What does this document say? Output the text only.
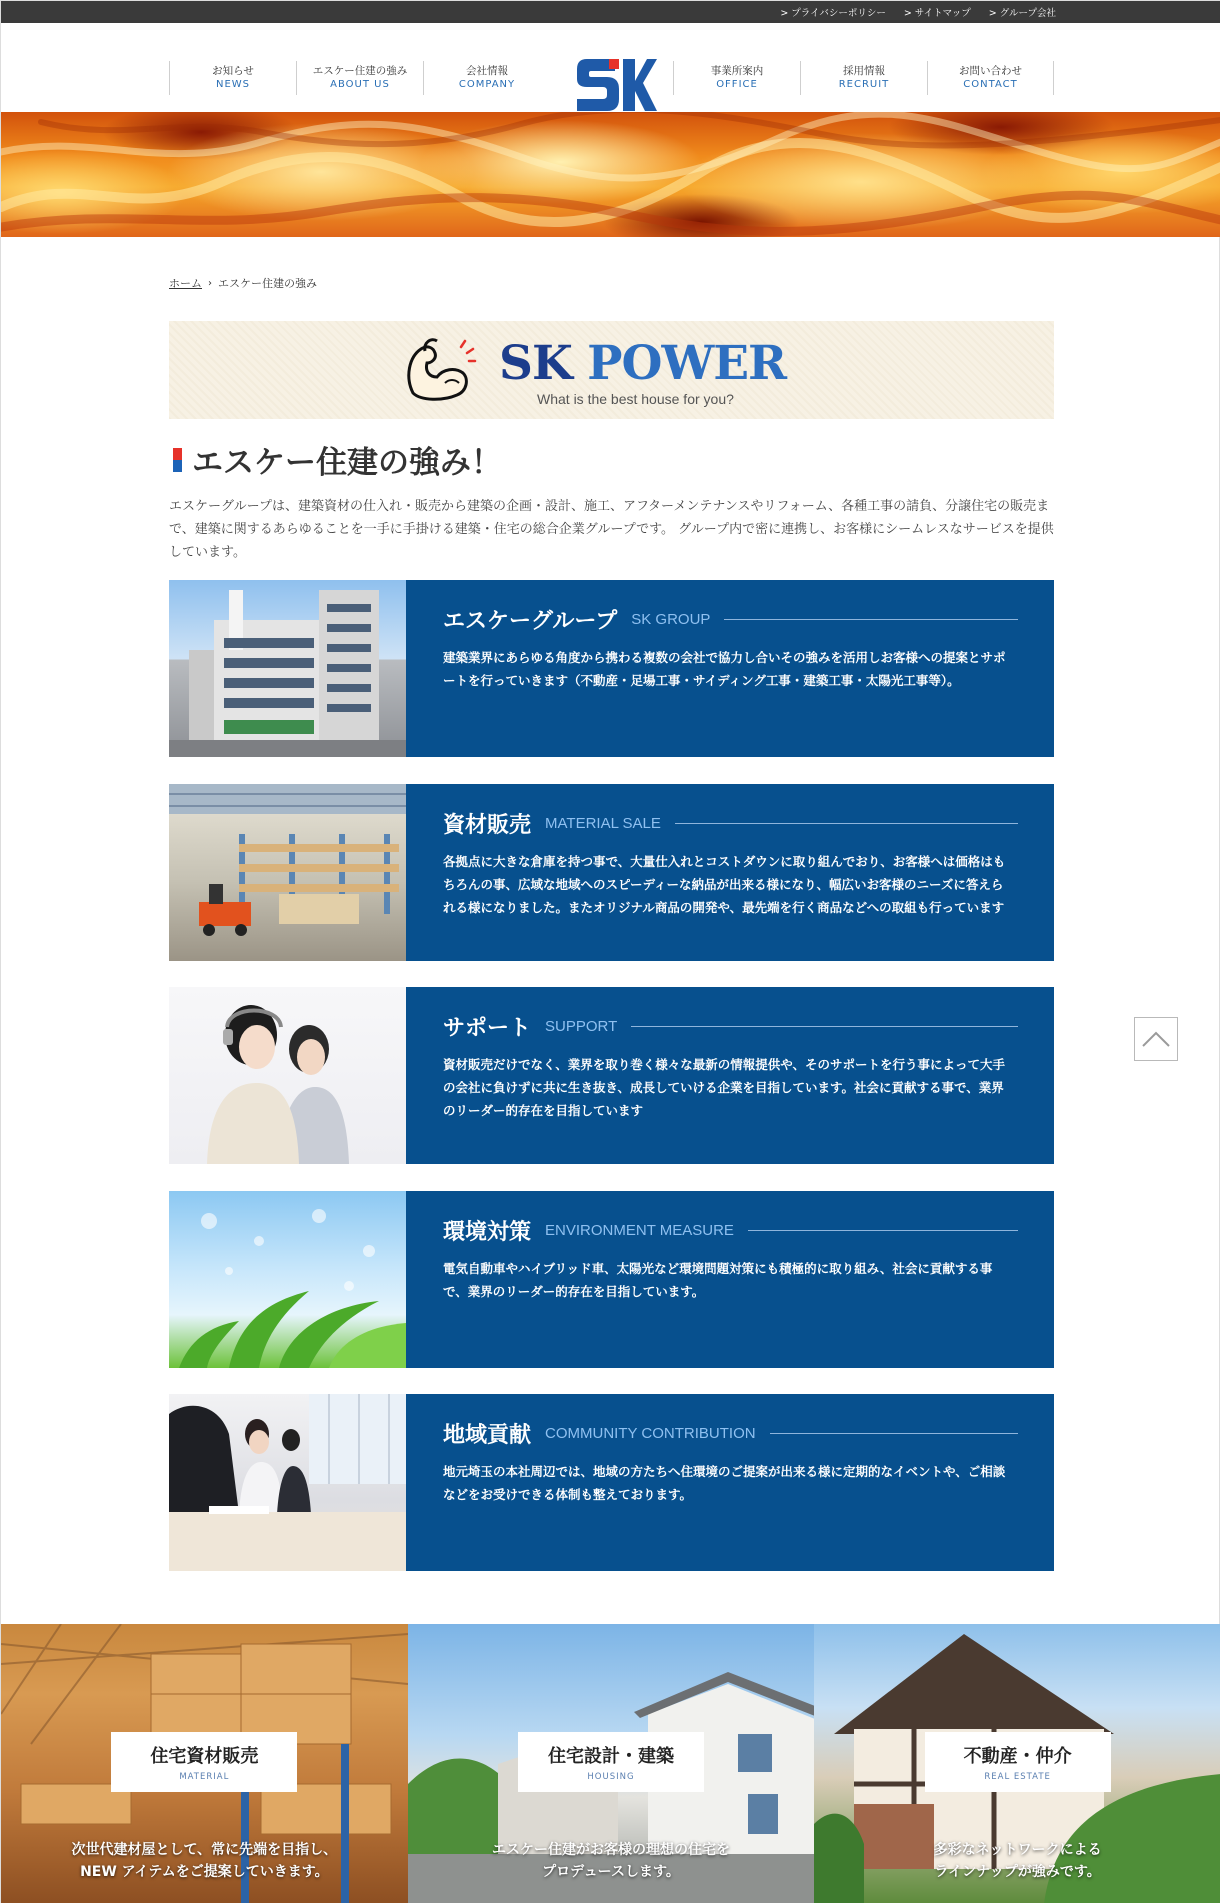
> プライバシーポリシー > サイトマップ > グループ会社
お知らせ
NEWS
エスケー住建の強み
ABOUT US
会社情報
COMPANY
事業所案内
OFFICE
採用情報
RECRUIT
お問い合わせ
CONTACT
ホーム › エスケー住建の強み
SK POWER
What is the best house for you?
エスケー住建の強み！

エスケーグループは、建築資材の仕入れ・販売から建築の企画・設計、施工、アフターメンテナンスやリフォーム、各種工事の請負、分譲住宅の販売まで、建築に関するあらゆることを一手に手掛ける建築・住宅の総合企業グループです。 グループ内で密に連携し、お客様にシームレスなサービスを提供しています。

エスケーグループ SK GROUP

建築業界にあらゆる角度から携わる複数の会社で協力し合いその強みを活用しお客様への提案とサポートを行っていきます（不動産・足場工事・サイディング工事・建築工事・太陽光工事等）。

資材販売 MATERIAL SALE

各拠点に大きな倉庫を持つ事で、大量仕入れとコストダウンに取り組んでおり、お客様へは価格はもちろんの事、広域な地域へのスピーディーな納品が出来る様になり、幅広いお客様のニーズに答えられる様になりました。またオリジナル商品の開発や、最先端を行く商品などへの取組も行っています

サポート SUPPORT

資材販売だけでなく、業界を取り巻く様々な最新の情報提供や、そのサポートを行う事によって大手の会社に負けずに共に生き抜き、成長していける企業を目指しています。社会に貢献する事で、業界のリーダー的存在を目指しています

環境対策 ENVIRONMENT MEASURE

電気自動車やハイブリッド車、太陽光など環境問題対策にも積極的に取り組み、社会に貢献する事で、業界のリーダー的存在を目指しています。

地域貢献 COMMUNITY CONTRIBUTION

地元埼玉の本社周辺では、地域の方たちへ住環境のご提案が出来る様に定期的なイベントや、ご相談などをお受けできる体制も整えております。

住宅資材販売
MATERIAL
次世代建材屋として、常に先端を目指し、
NEW アイテムをご提案していきます。
住宅設計・建築
HOUSING
エスケー住建がお客様の理想の住宅を
プロデュースします。
不動産・仲介
REAL ESTATE
多彩なネットワークによる
ラインナップが強みです。
